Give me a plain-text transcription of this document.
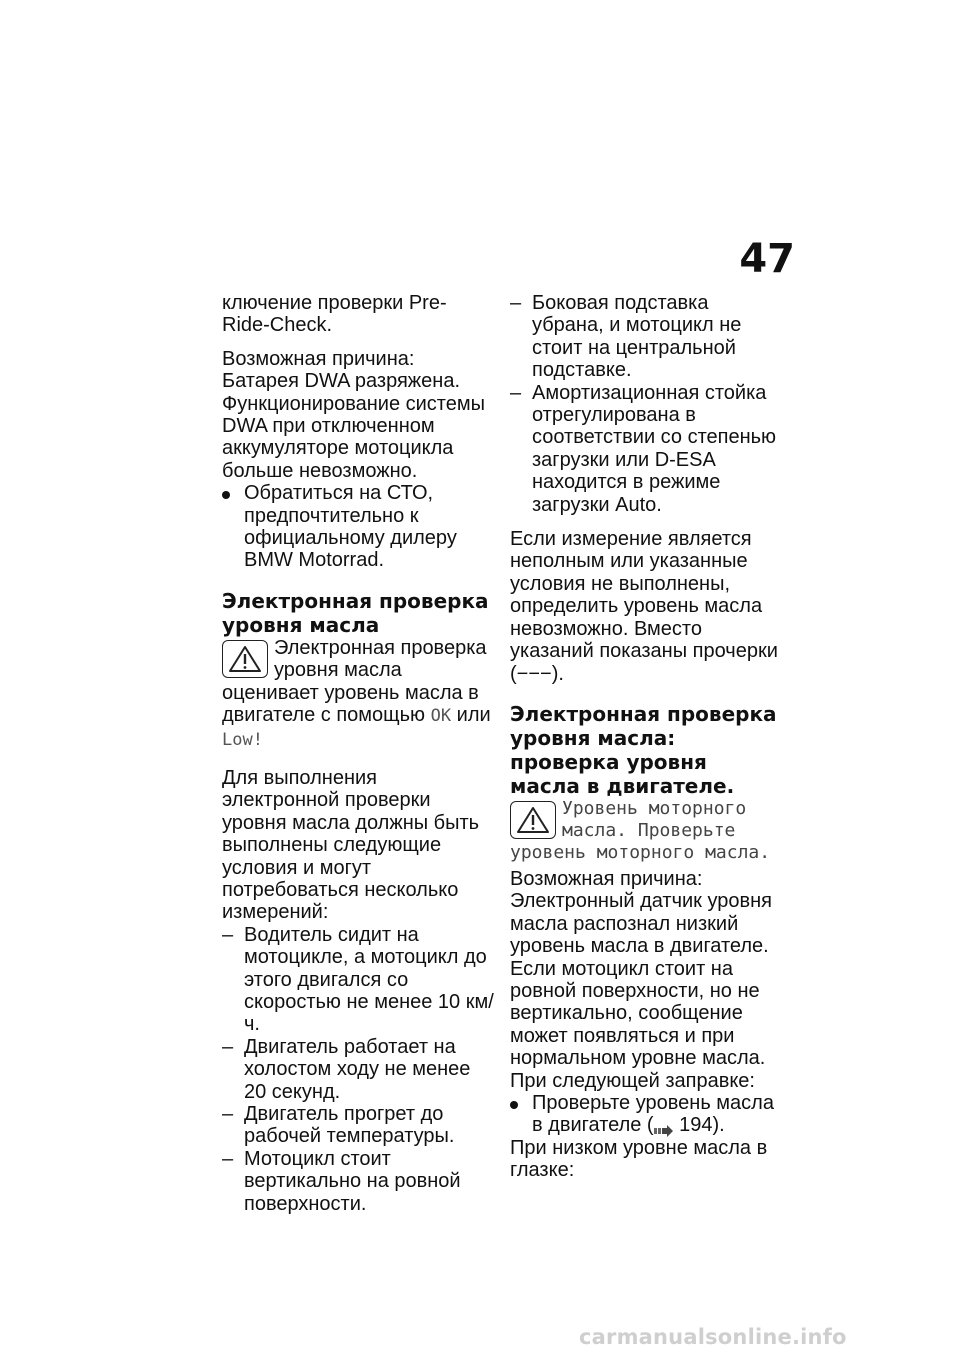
47

ключение проверки Pre-Ride-Check.

Возможная причина:

Батарея DWA разряжена. Функционирование системы DWA при отключенном аккумуляторе мотоцикла больше невозможно.

Обратиться на СТО, предпочтительно к официальному дилеру BMW Motorrad.

Электронная проверка уровня масла
Электронная проверка уровня масла оценивает уровень масла в двигателе с помощью OK или Low!

Для выполнения электронной проверки уровня масла должны быть выполнены следующие условия и могут потребоваться несколько измерений:

–
Водитель сидит на мотоцикле, а мотоцикл до этого двигался со скоростью не менее 10 км/ч.

–
Двигатель работает на холостом ходу не менее 20 секунд.

–
Двигатель прогрет до рабочей температуры.

–
Мотоцикл стоит вертикально на ровной поверхности.

–
Боковая подставка убрана, и мотоцикл не стоит на центральной подставке.

–
Амортизационная стойка отрегулирована в соответствии со степенью загрузки или D-ESA находится в режиме загрузки Auto.

Если измерение является неполным или указанные условия не выполнены, определить уровень масла невозможно. Вместо указаний показаны прочерки (−−−).

Электронная проверка уровня масла: проверка уровня масла в двигателе.
Уровень моторного масла. Проверьте уровень моторного масла.

Возможная причина:

Электронный датчик уровня масла распознал низкий уровень масла в двигателе. Если мотоцикл стоит на ровной поверхности, но не вертикально, сообщение может появляться и при нормальном уровне масла. При следующей заправке:

Проверьте уровень масла в двигателе ( 194).

При низком уровне масла в глазке:

carmanualsonline.info
